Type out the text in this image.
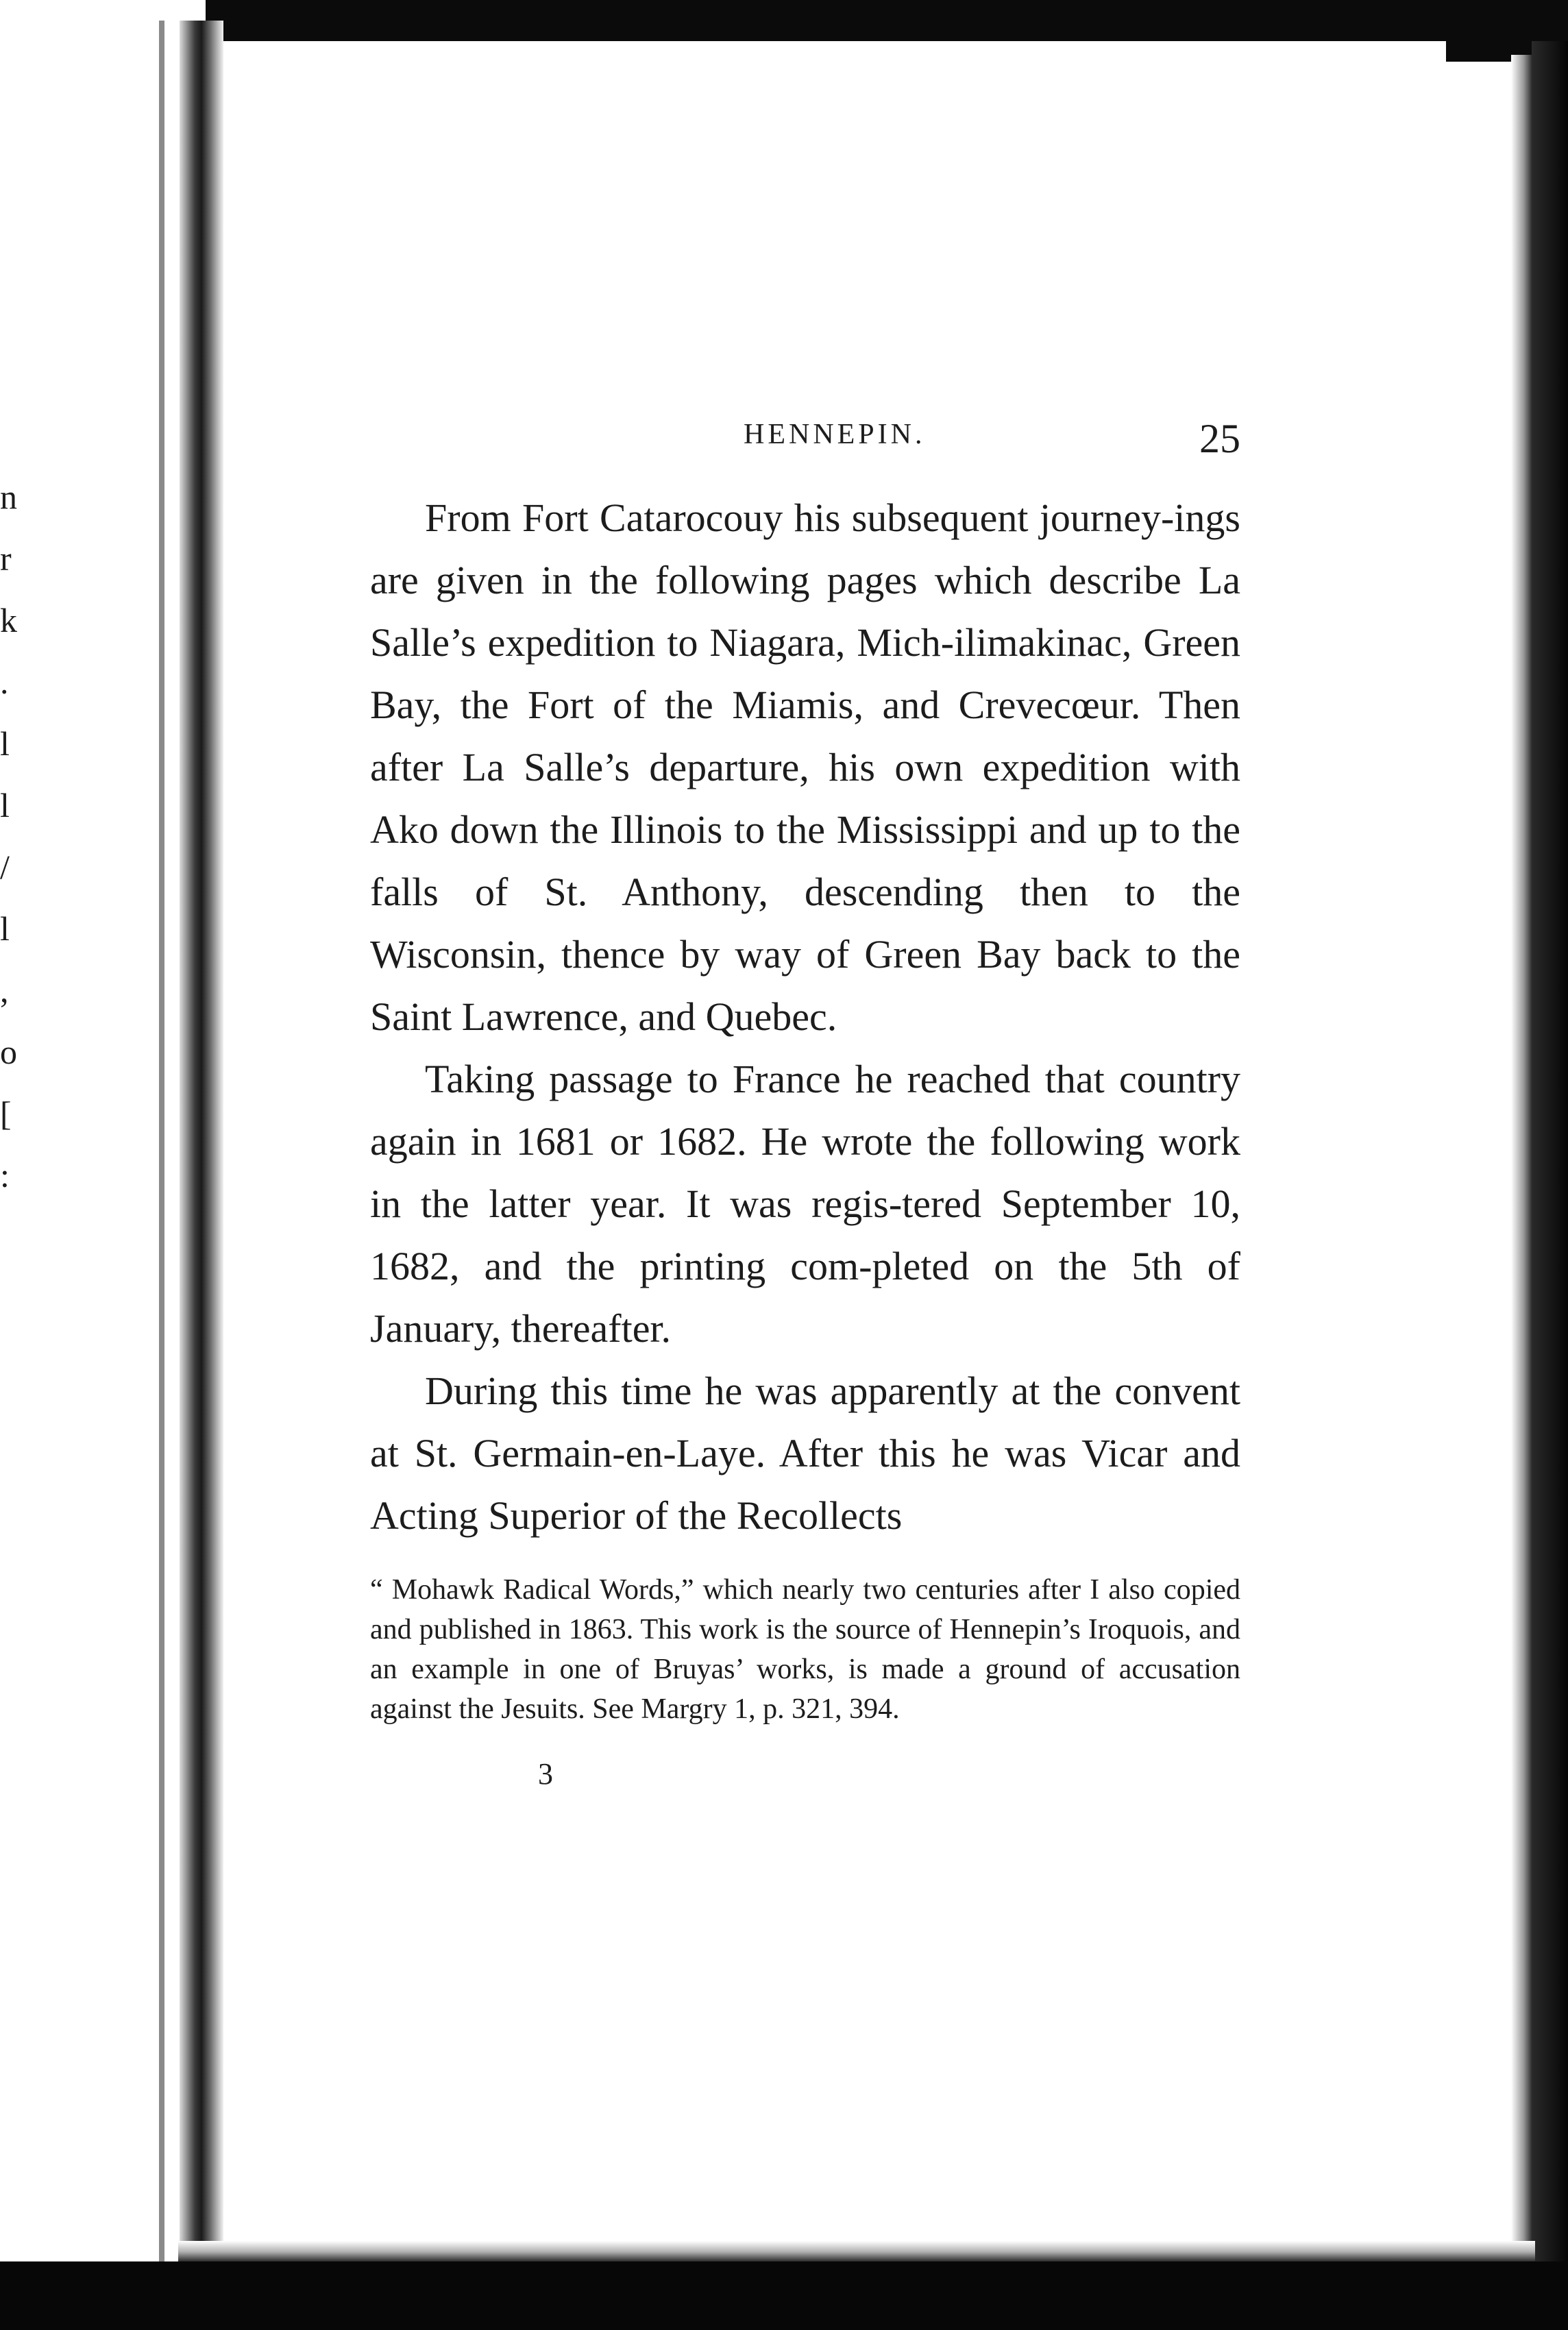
n
r
k
.
l
l
/
l
,
o
[
:
HENNEPIN.	25

From Fort Catarocouy his subsequent journey-ings are given in the following pages which describe La Salle’s expedition to Niagara, Mich-ilimakinac, Green Bay, the Fort of the Miamis, and Crevecœur. Then after La Salle’s departure, his own expedition with Ako down the Illinois to the Mississippi and up to the falls of St. Anthony, descending then to the Wisconsin, thence by way of Green Bay back to the Saint Lawrence, and Quebec.

Taking passage to France he reached that country again in 1681 or 1682. He wrote the following work in the latter year. It was regis-tered September 10, 1682, and the printing com-pleted on the 5th of January, thereafter.

During this time he was apparently at the convent at St. Germain-en-Laye. After this he was Vicar and Acting Superior of the Recollects

“ Mohawk Radical Words,” which nearly two centuries after I also copied and published in 1863. This work is the source of Hennepin’s Iroquois, and an example in one of Bruyas’ works, is made a ground of accusation against the Jesuits. See Margry 1, p. 321, 394.

3
